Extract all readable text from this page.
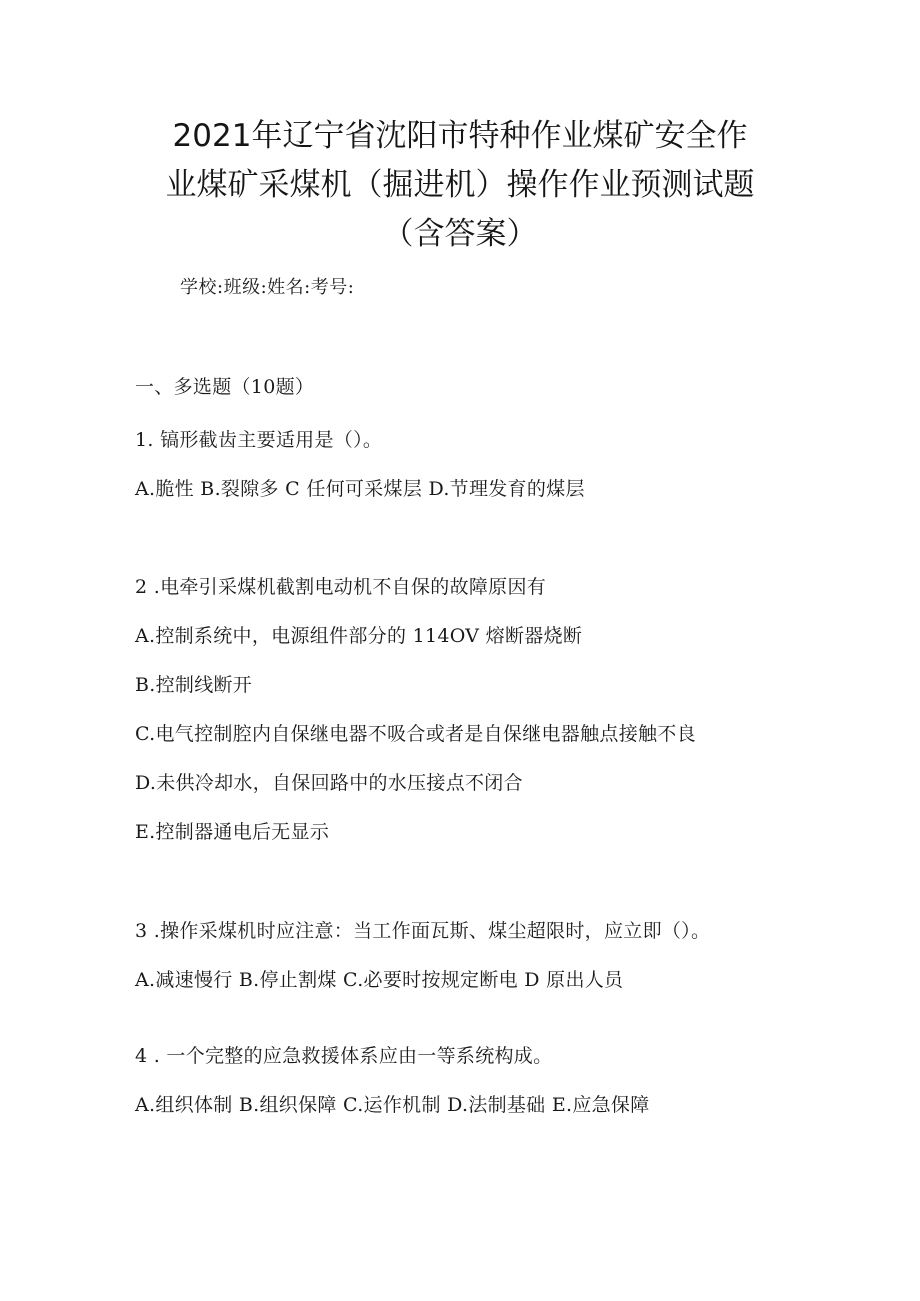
2021年辽宁省沈阳市特种作业煤矿安全作
业煤矿采煤机（掘进机）操作作业预测试题
（含答案）
学校:班级:姓名:考号:
一、多选题（10题）
1. 镐形截齿主要适用是（）。
A.脆性 B.裂隙多 C 任何可采煤层 D.节理发育的煤层
2 .电牵引采煤机截割电动机不自保的故障原因有
A.控制系统中，电源组件部分的 114OV 熔断器烧断
B.控制线断开
C.电气控制腔内自保继电器不吸合或者是自保继电器触点接触不良
D.未供冷却水，自保回路中的水压接点不闭合
E.控制器通电后无显示
3 .操作采煤机时应注意：当工作面瓦斯、煤尘超限时，应立即（）。
A.减速慢行 B.停止割煤 C.必要时按规定断电 D 原出人员
4 . 一个完整的应急救援体系应由一等系统构成。
A.组织体制 B.组织保障 C.运作机制 D.法制基础 E.应急保障
